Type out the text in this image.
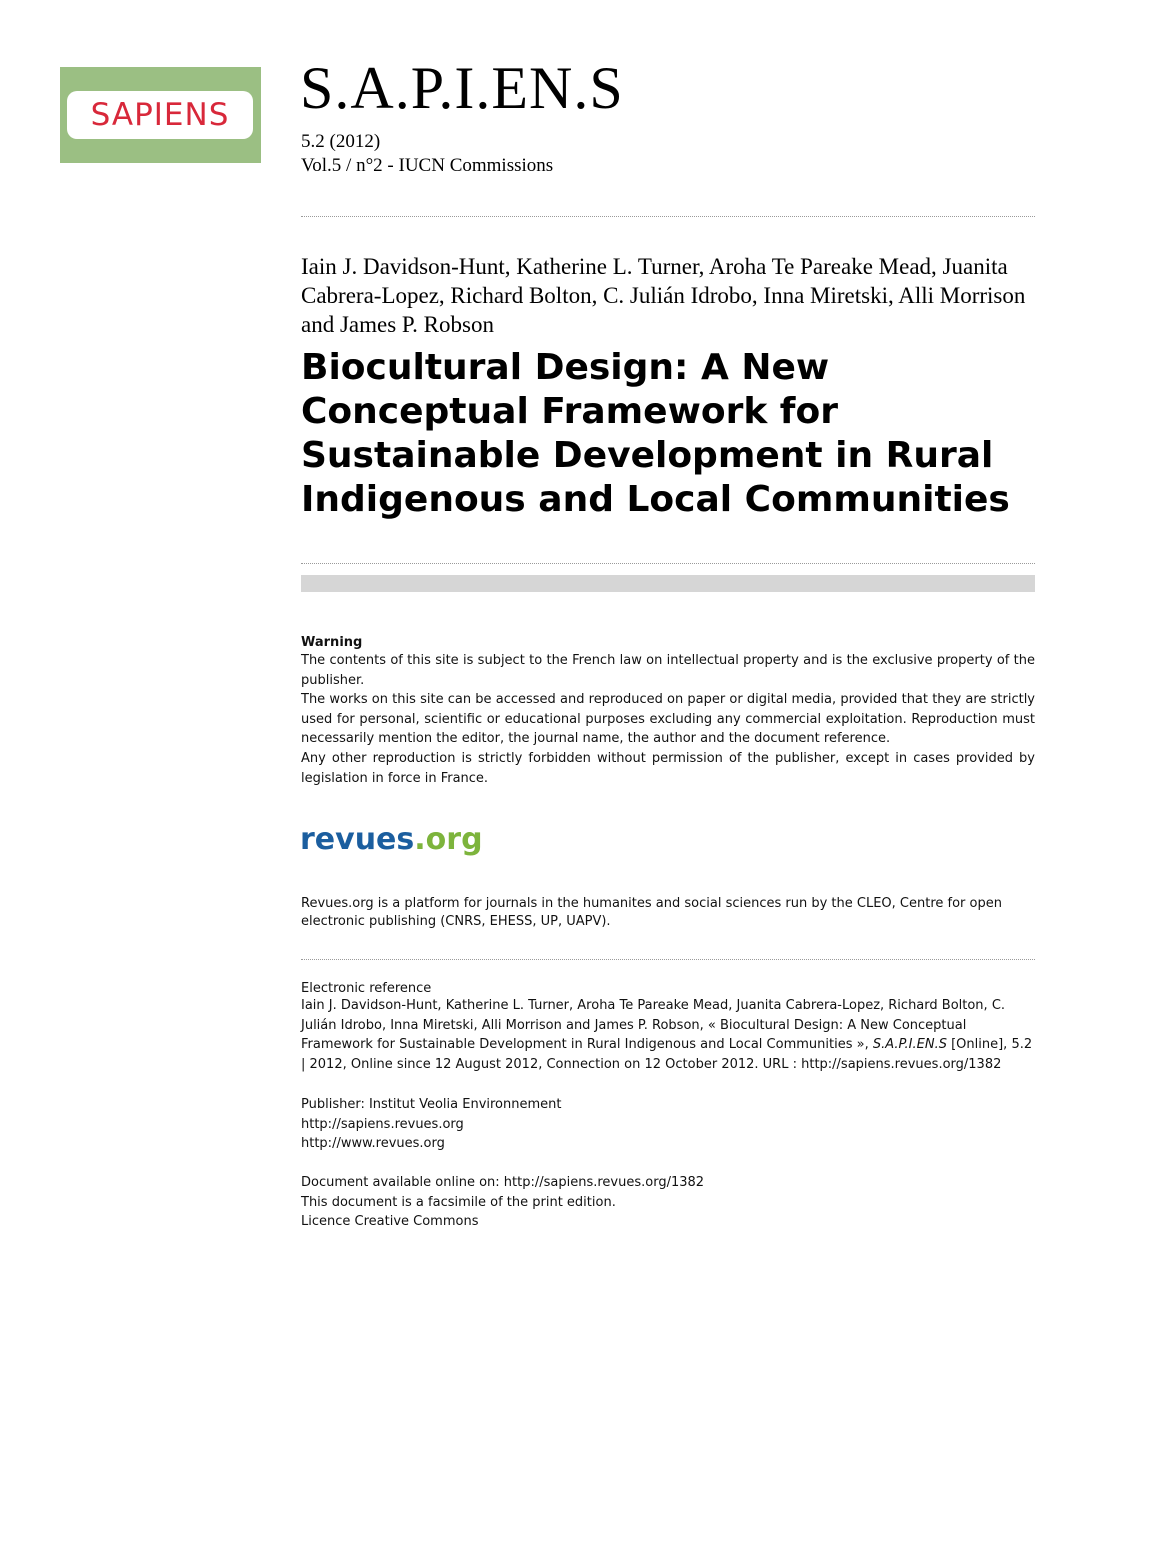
SAPIENS S.A.P.I.EN.S
5.2 (2012)
Vol.5 / n°2 - IUCN Commissions
Iain J. Davidson-Hunt, Katherine L. Turner, Aroha Te Pareake Mead, Juanita Cabrera-Lopez, Richard Bolton, C. Julián Idrobo, Inna Miretski, Alli Morrison and James P. Robson
Biocultural Design: A New Conceptual Framework for Sustainable Development in Rural Indigenous and Local Communities
Warning

The contents of this site is subject to the French law on intellectual property and is the exclusive property of the publisher.

The works on this site can be accessed and reproduced on paper or digital media, provided that they are strictly used for personal, scientific or educational purposes excluding any commercial exploitation. Reproduction must necessarily mention the editor, the journal name, the author and the document reference.

Any other reproduction is strictly forbidden without permission of the publisher, except in cases provided by legislation in force in France.

revues.org
Revues.org is a platform for journals in the humanites and social sciences run by the CLEO, Centre for open electronic publishing (CNRS, EHESS, UP, UAPV).
Electronic reference
Iain J. Davidson-Hunt, Katherine L. Turner, Aroha Te Pareake Mead, Juanita Cabrera-Lopez, Richard Bolton, C. Julián Idrobo, Inna Miretski, Alli Morrison and James P. Robson, « Biocultural Design: A New Conceptual Framework for Sustainable Development in Rural Indigenous and Local Communities », S.A.P.I.EN.S [Online], 5.2 | 2012, Online since 12 August 2012, Connection on 12 October 2012. URL : http://sapiens.revues.org/1382
Publisher: Institut Veolia Environnement
http://sapiens.revues.org
http://www.revues.org
Document available online on: http://sapiens.revues.org/1382
This document is a facsimile of the print edition.
Licence Creative Commons
